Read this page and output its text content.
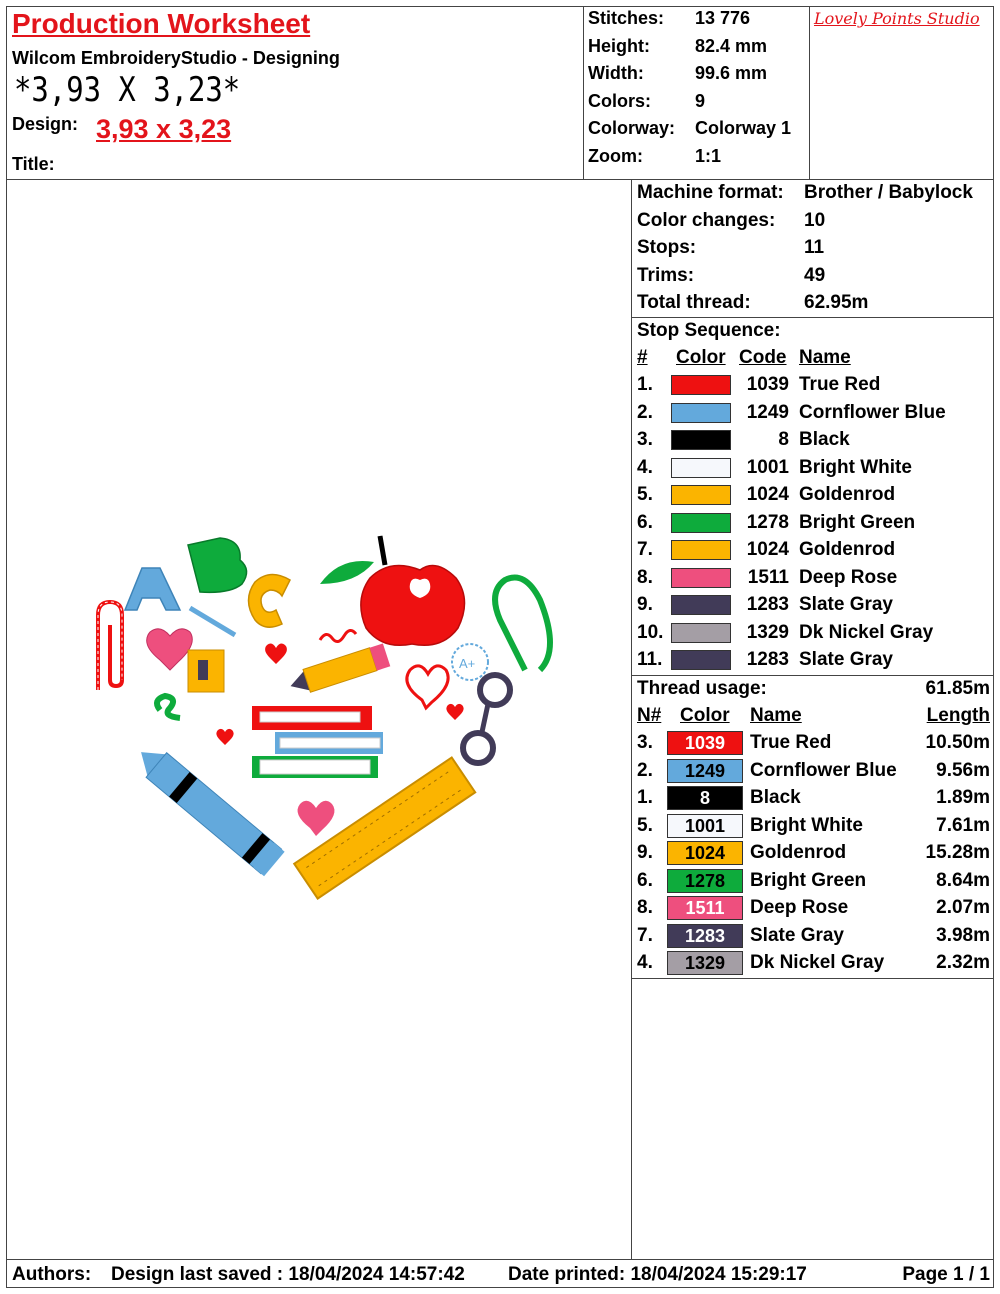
Production Worksheet
Wilcom EmbroideryStudio - Designing
*3,93 X 3,23*
Design: 3,93 x 3,23
Title:
Stitches: 13 776
Height:	82.4 mm
Width:	99.6 mm
Colors: 9
Colorway: Colorway 1
Zoom:	1:1
Lovely Points Studio
Machine format: Brother / Babylock
Color changes: 10
Stops:	11
Trims:	49
Total thread:	62.95m
Stop Sequence:
# Color Code Name
1.	1039 True Red
2.	1249 Cornflower Blue
3.	8 Black
4.	1001 Bright White
5.	1024 Goldenrod
6.	1278 Bright Green
7.	1024 Goldenrod
8.	1511 Deep Rose
9.	1283 Slate Gray
10.	1329 Dk Nickel Gray
11.	1283 Slate Gray
Thread usage:	61.85m
N# Color Name	Length
3.	1039	True Red	10.50m
2.	1249	Cornflower Blue	9.56m
1.	8	Black	1.89m
5.	1001	Bright White	7.61m
9.	1024	Goldenrod	15.28m
6.	1278	Bright Green	8.64m
8.	1511	Deep Rose	2.07m
7.	1283	Slate Gray	3.98m
4.	1329	Dk Nickel Gray	2.32m
A+
Authors: Design last saved : 18/04/2024 14:57:42 Date printed: 18/04/2024 15:29:17	Page 1 / 1
